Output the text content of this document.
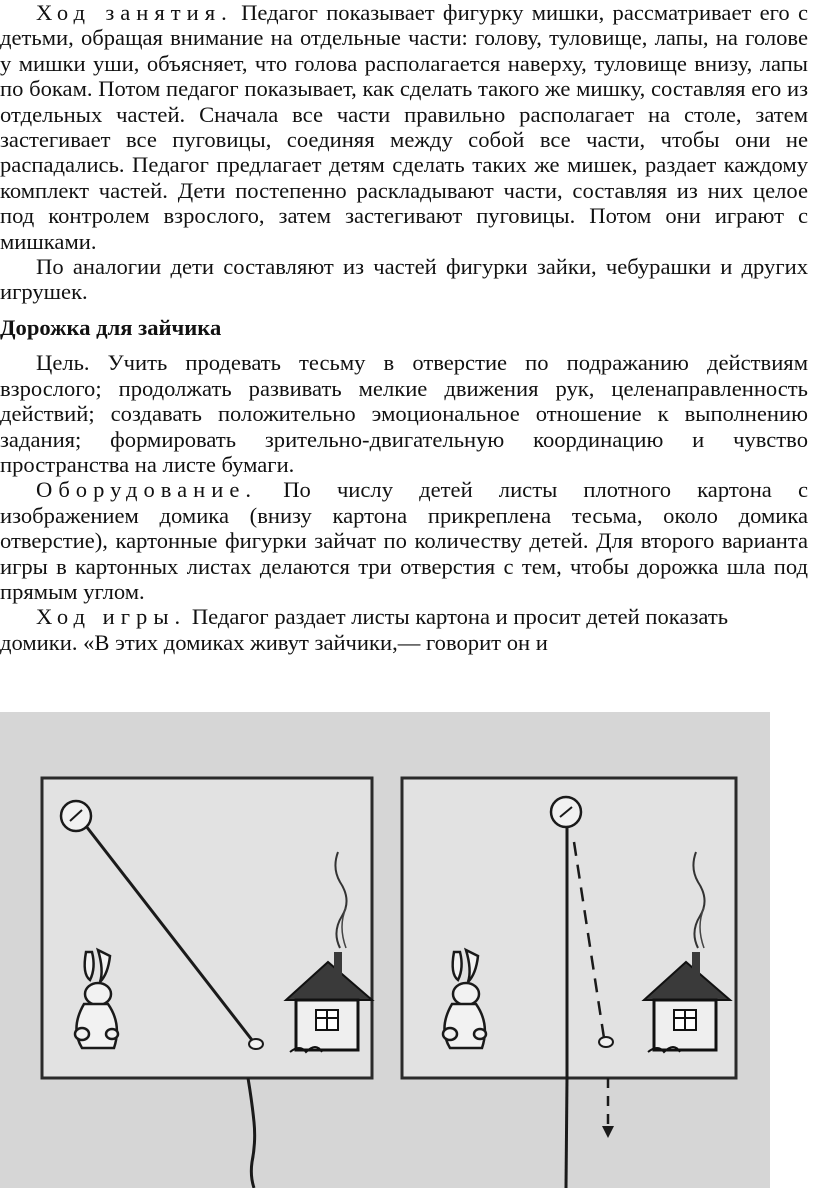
Ход занятия. Педагог показывает фигурку мишки, рассматривает его с детьми, обращая внимание на отдельные части: голову, туловище, лапы, на голове у мишки уши, объясняет, что голова располагается наверху, туловище внизу, лапы по бокам. Потом педагог показывает, как сделать такого же мишку, составляя его из отдельных частей. Сначала все части правильно располагает на столе, затем застегивает все пуговицы, соединяя между собой все части, чтобы они не распадались. Педагог предлагает детям сделать таких же мишек, раздает каждому комплект частей. Дети постепенно раскладывают части, составляя из них целое под контролем взрослого, затем застегивают пуговицы. Потом они играют с мишками.

По аналогии дети составляют из частей фигурки зайки, чебурашки и других игрушек.

Дорожка для зайчика

Цель. Учить продевать тесьму в отверстие по подражанию действиям взрослого; продолжать развивать мелкие движения рук, целенаправленность действий; создавать положительно эмоциональное отношение к выполнению задания; формировать зрительно-двигательную координацию и чувство пространства на листе бумаги.

Оборудование. По числу детей листы плотного картона с изображением домика (внизу картона прикреплена тесьма, около домика отверстие), картонные фигурки зайчат по количеству детей. Для второго варианта игры в картонных листах делаются три отверстия с тем, чтобы дорожка шла под прямым углом.

Ход игры. Педагог раздает листы картона и просит детей показать домики. «В этих домиках живут зайчики,— говорит он и
